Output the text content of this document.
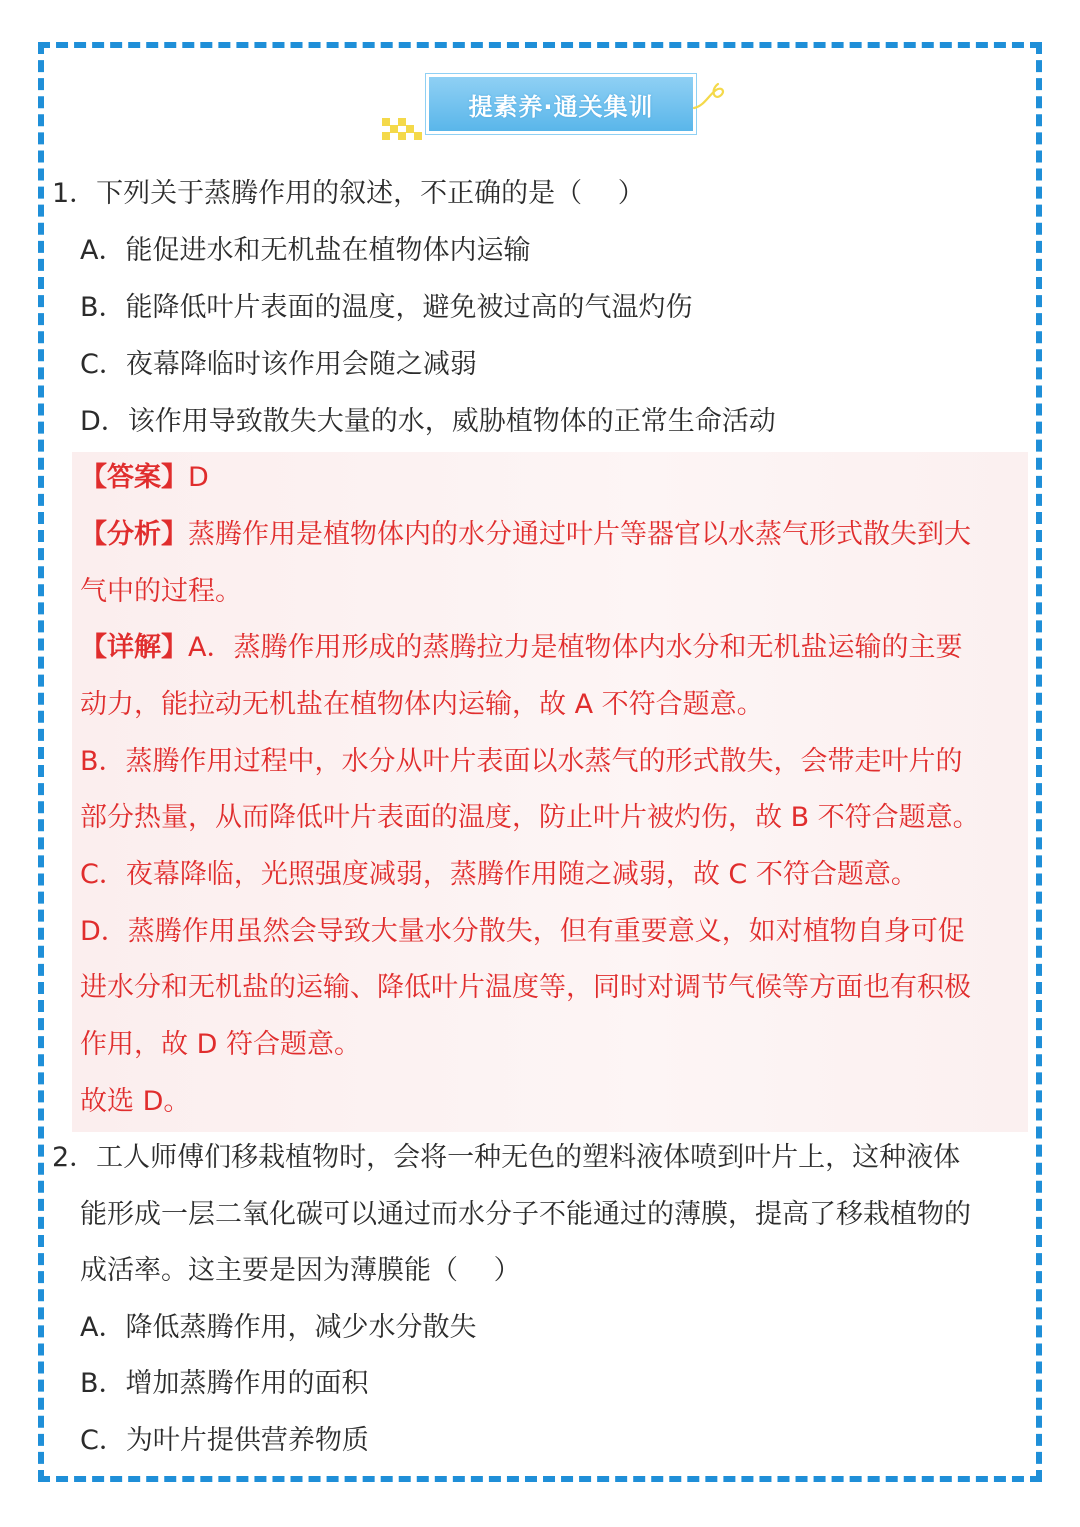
提素养·通关集训
1．下列关于蒸腾作用的叙述，不正确的是（　 ）
A．能促进水和无机盐在植物体内运输
B．能降低叶片表面的温度，避免被过高的气温灼伤
C．夜幕降临时该作用会随之减弱
D．该作用导致散失大量的水，威胁植物体的正常生命活动
【答案】D
【分析】蒸腾作用是植物体内的水分通过叶片等器官以水蒸气形式散失到大
气中的过程。
【详解】A．蒸腾作用形成的蒸腾拉力是植物体内水分和无机盐运输的主要
动力，能拉动无机盐在植物体内运输，故 A 不符合题意。
B．蒸腾作用过程中，水分从叶片表面以水蒸气的形式散失，会带走叶片的
部分热量，从而降低叶片表面的温度，防止叶片被灼伤，故 B 不符合题意。
C．夜幕降临，光照强度减弱，蒸腾作用随之减弱，故 C 不符合题意。
D．蒸腾作用虽然会导致大量水分散失，但有重要意义，如对植物自身可促
进水分和无机盐的运输、降低叶片温度等，同时对调节气候等方面也有积极
作用，故 D 符合题意。
故选 D。
2．工人师傅们移栽植物时，会将一种无色的塑料液体喷到叶片上，这种液体
能形成一层二氧化碳可以通过而水分子不能通过的薄膜，提高了移栽植物的
成活率。这主要是因为薄膜能（　 ）
A．降低蒸腾作用，减少水分散失
B．增加蒸腾作用的面积
C．为叶片提供营养物质
